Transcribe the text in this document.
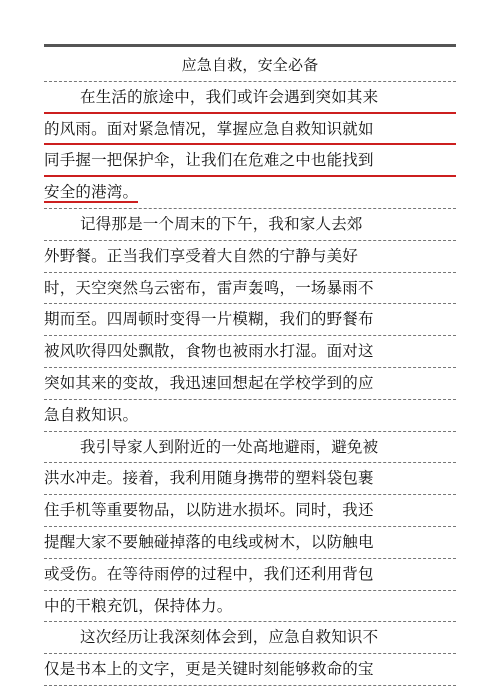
应急自救，安全必备
在生活的旅途中，我们或许会遇到突如其来
的风雨。面对紧急情况，掌握应急自救知识就如
同手握一把保护伞，让我们在危难之中也能找到
安全的港湾。
记得那是一个周末的下午，我和家人去郊
外野餐。正当我们享受着大自然的宁静与美好
时，天空突然乌云密布，雷声轰鸣，一场暴雨不
期而至。四周顿时变得一片模糊，我们的野餐布
被风吹得四处飘散，食物也被雨水打湿。面对这
突如其来的变故，我迅速回想起在学校学到的应
急自救知识。
我引导家人到附近的一处高地避雨，避免被
洪水冲走。接着，我利用随身携带的塑料袋包裹
住手机等重要物品，以防进水损坏。同时，我还
提醒大家不要触碰掉落的电线或树木，以防触电
或受伤。在等待雨停的过程中，我们还利用背包
中的干粮充饥，保持体力。
这次经历让我深刻体会到，应急自救知识不
仅是书本上的文字，更是关键时刻能够救命的宝
